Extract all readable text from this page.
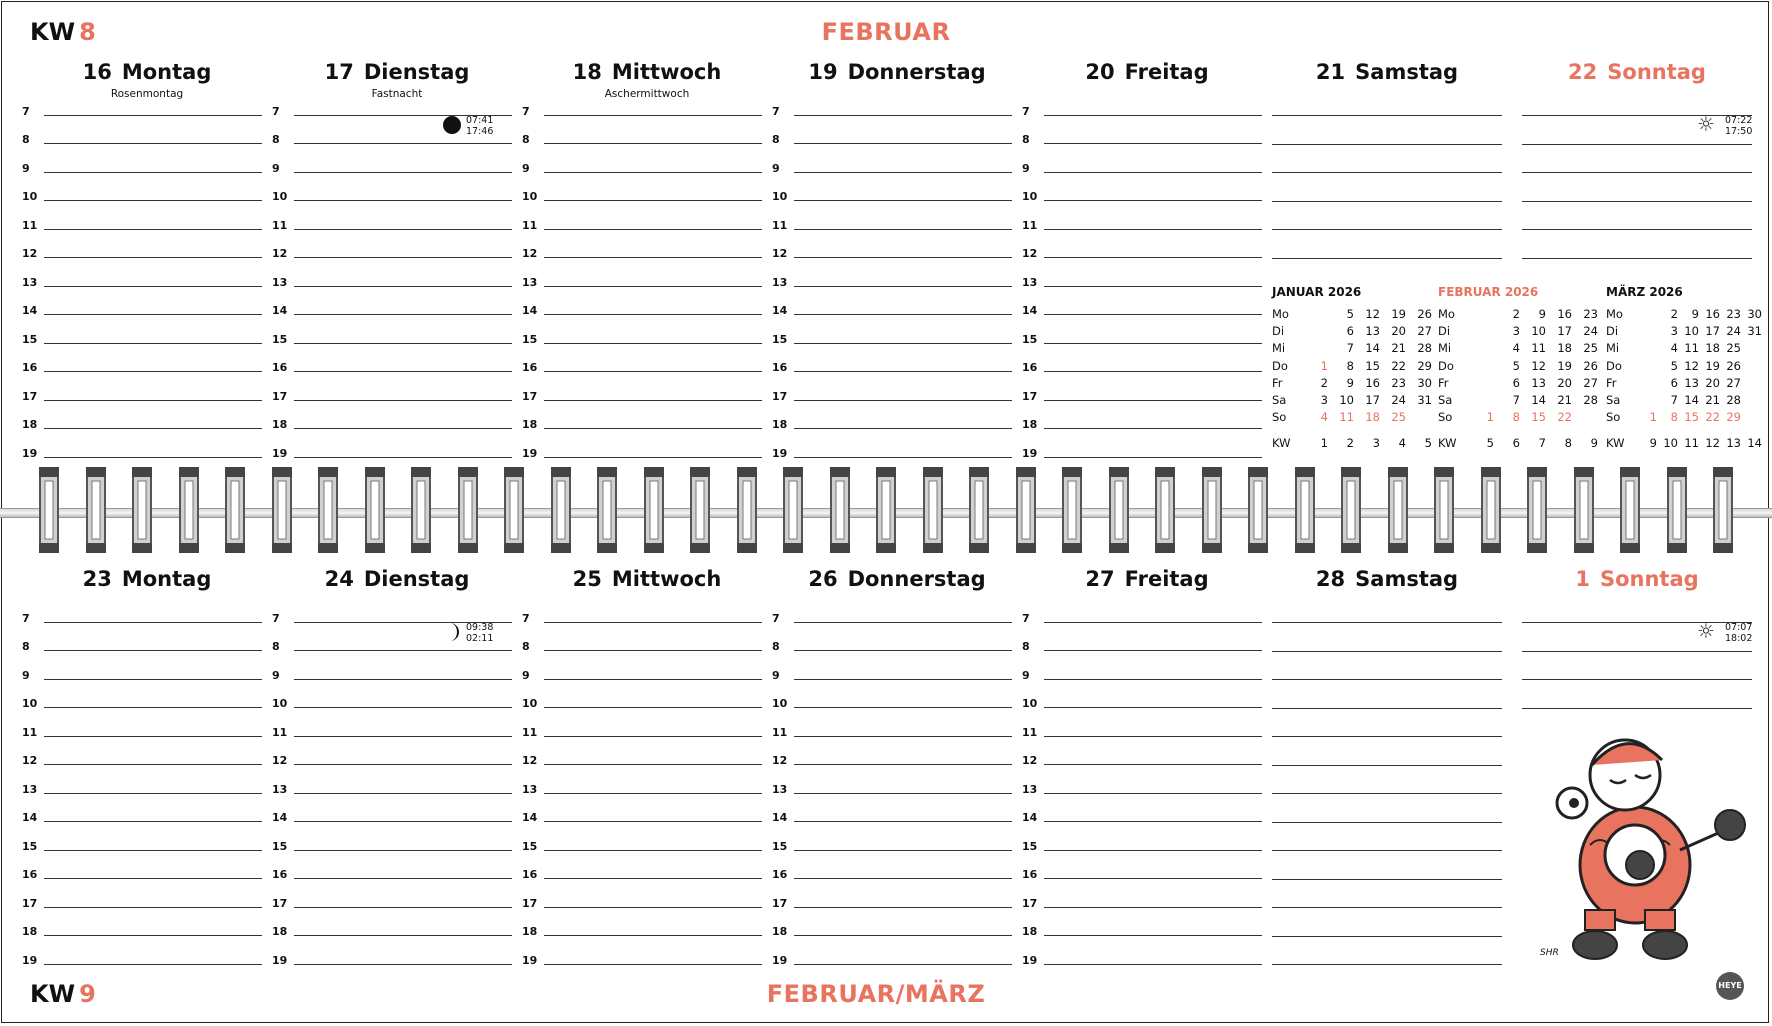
KW 8	FEBRUAR
16 Montag
Rosenmontag
7
8
9
10
11
12
13
14
15
16
17
18
19
17 Dienstag
Fastnacht
7
8
9
10
11
12
13
14
15
16
17
18
19
07:41
17:46
18 Mittwoch
Aschermittwoch
7
8
9
10
11
12
13
14
15
16
17
18
19
19 Donnerstag
7
8
9
10
11
12
13
14
15
16
17
18
19
20 Freitag
7
8
9
10
11
12
13
14
15
16
17
18
19
21 Samstag	22 Sonntag
☼ 07:22
17:50
23 Montag
7
8
9
10
11
12
13
14
15
16
17
18
19
24 Dienstag
7
8
9
10
11
12
13
14
15
16
17
18
19
09:38
02:11
25 Mittwoch
7
8
9
10
11
12
13
14
15
16
17
18
19
26 Donnerstag
7
8
9
10
11
12
13
14
15
16
17
18
19
27 Freitag
7
8
9
10
11
12
13
14
15
16
17
18
19
28 Samstag	1 Sonntag
☼ 07:07
18:02
JANUAR 2026
Mo		5	12	19	26
Di		6	13	20	27
Mi		7	14	21	28
Do	1	8	15	22	29
Fr	2	9	16	23	30
Sa	3	10	17	24	31
So	4	11	18	25	
KW	1	2	3	4	5
FEBRUAR 2026
Mo		2	9	16	23
Di		3	10	17	24
Mi		4	11	18	25
Do		5	12	19	26
Fr		6	13	20	27
Sa		7	14	21	28
So	1	8	15	22	
KW	5	6	7	8	9
MÄRZ 2026
Mo		2	9	16	23	30
Di		3	10	17	24	31
Mi		4	11	18	25	
Do		5	12	19	26	
Fr		6	13	20	27	
Sa		7	14	21	28	
So	1	8	15	22	29	
KW	9	10	11	12	13	14
SHR
KW 9	FEBRUAR/MÄRZ	HEYE
